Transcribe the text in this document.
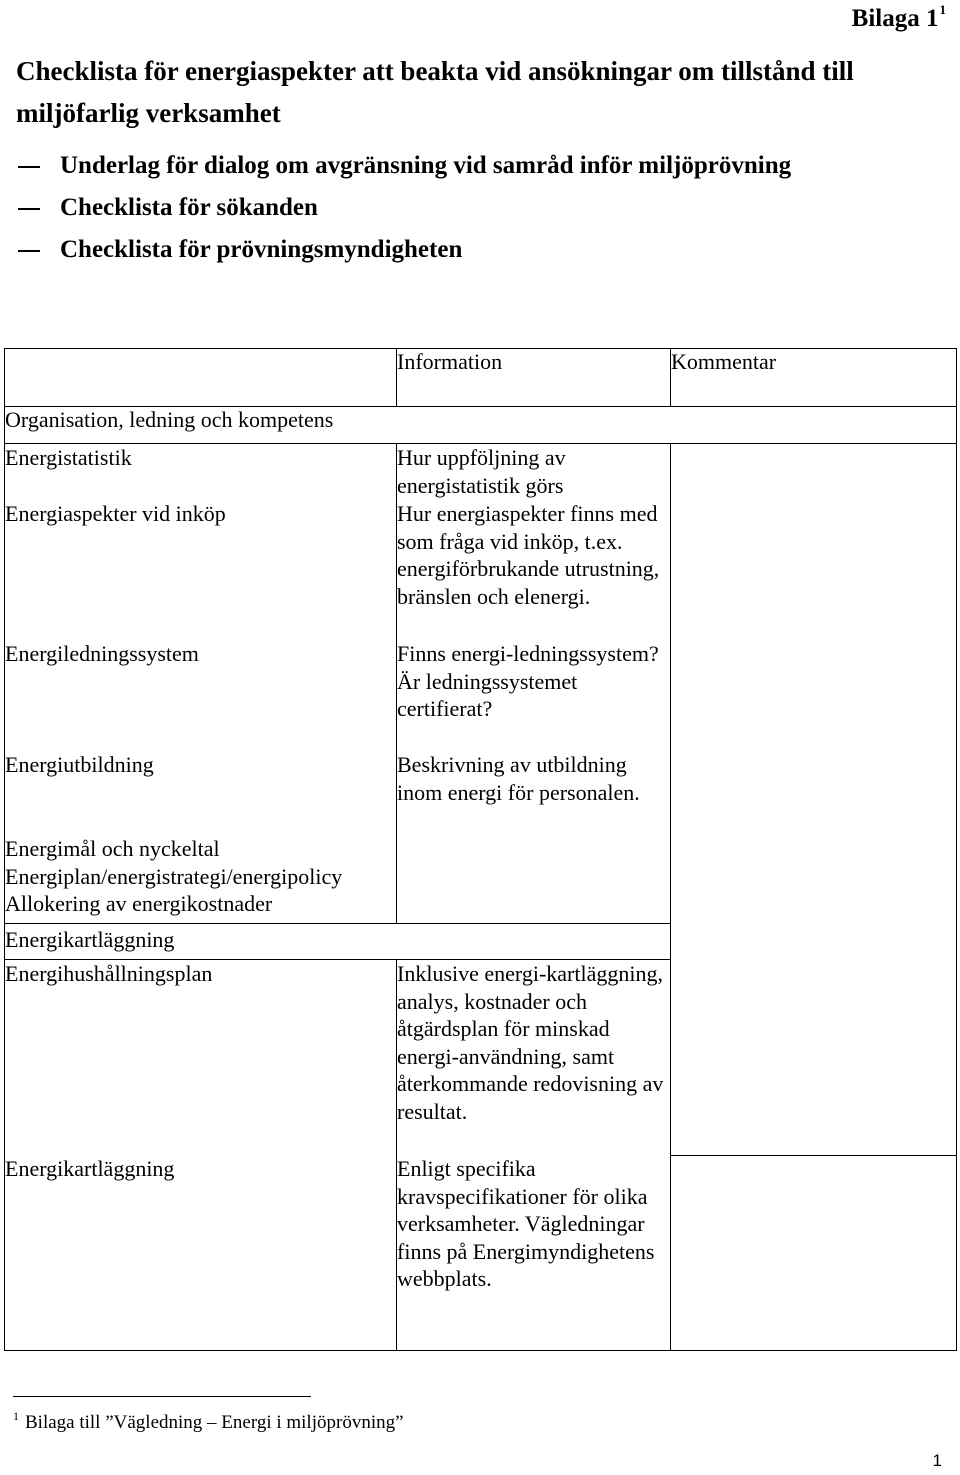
Bilaga $1^1$
Checklista för energiaspekter att beakta vid ansökningar om tillstånd till miljöfarlig verksamhet
Underlag för dialog om avgränsning vid samråd inför miljöprövning
Checklista för sökanden
Checklista för prövningsmyndigheten
	Information	Kommentar
Organisation, ledning och kompetens		
Energistatistik	Hur uppföljning av energistatistik görs	
Energiaspekter vid inköp	Hur energiaspekter finns med som fråga vid inköp, t.ex. energiförbrukande utrustning, bränslen och elenergi.	
Energiledningssystem	Finns energi-ledningssystem? Är ledningssystemet certifierat?	
Energiutbildning	Beskrivning av utbildning inom energi för personalen.	

Energimål och nyckeltal
Energiplan/energistrategi/energipolicy
Allokering av energikostnader		

Energikartläggning		
Energihushållningsplan	Inklusive energi-kartläggning, analys, kostnader och åtgärdsplan för minskad energi-användning, samt återkommande redovisning av resultat.	
Energikartläggning	Enligt specifika kravspecifikationer för olika verksamheter. Vägledningar finns på Energimyndighetens webbplats.	
$^1$ Bilaga till ”Vägledning – Energi i miljöprövning”
1
